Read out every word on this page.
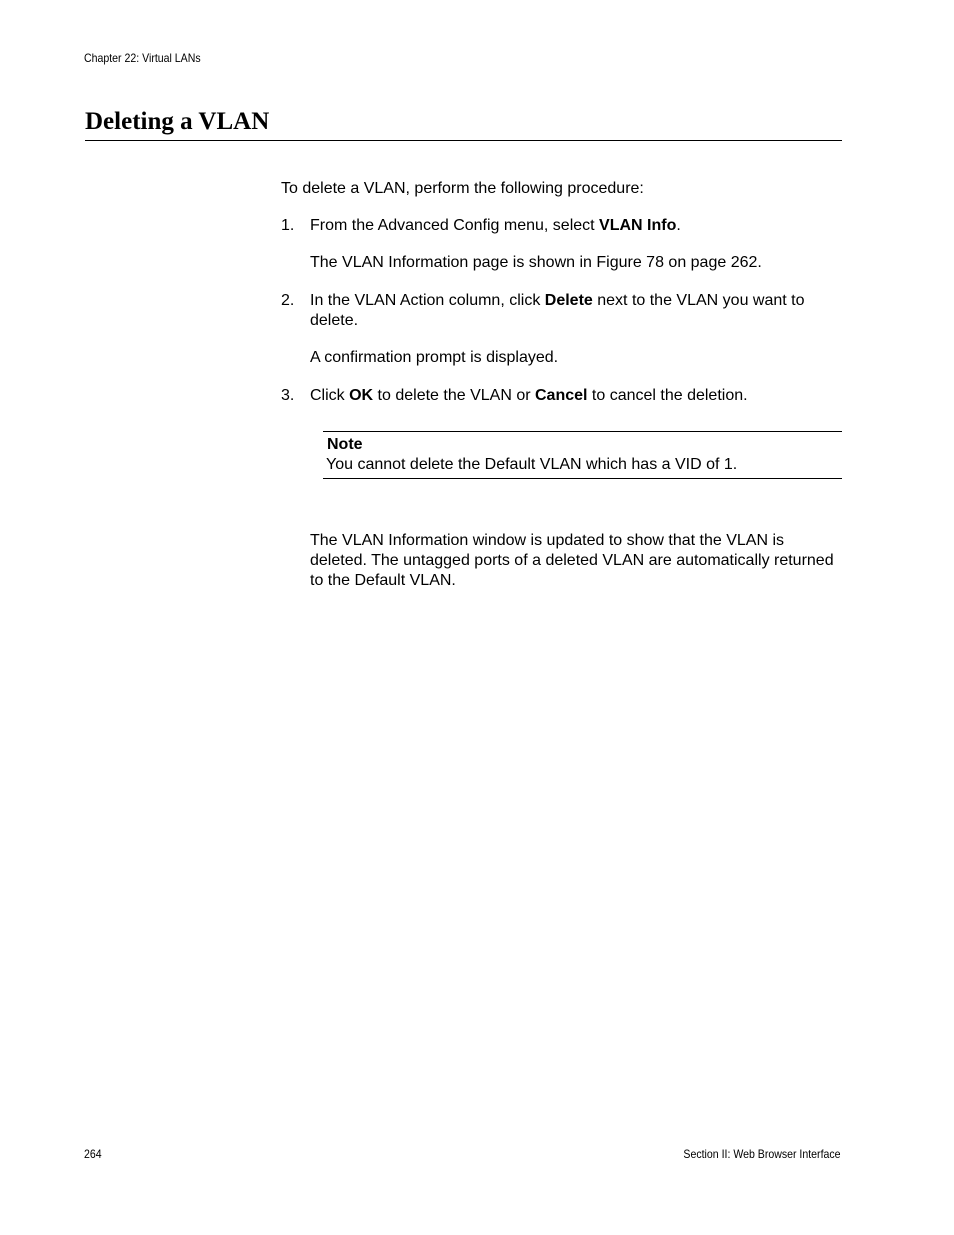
Chapter 22: Virtual LANs
Deleting a VLAN

To delete a VLAN, perform the following procedure:

1. From the Advanced Config menu, select VLAN Info.

The VLAN Information page is shown in Figure 78 on page 262.

2. In the VLAN Action column, click Delete next to the VLAN you want to delete.

A confirmation prompt is displayed.

3. Click OK to delete the VLAN or Cancel to cancel the deletion.
Note
You cannot delete the Default VLAN which has a VID of 1.

The VLAN Information window is updated to show that the VLAN is deleted. The untagged ports of a deleted VLAN are automatically returned to the Default VLAN.

264	Section II: Web Browser Interface
